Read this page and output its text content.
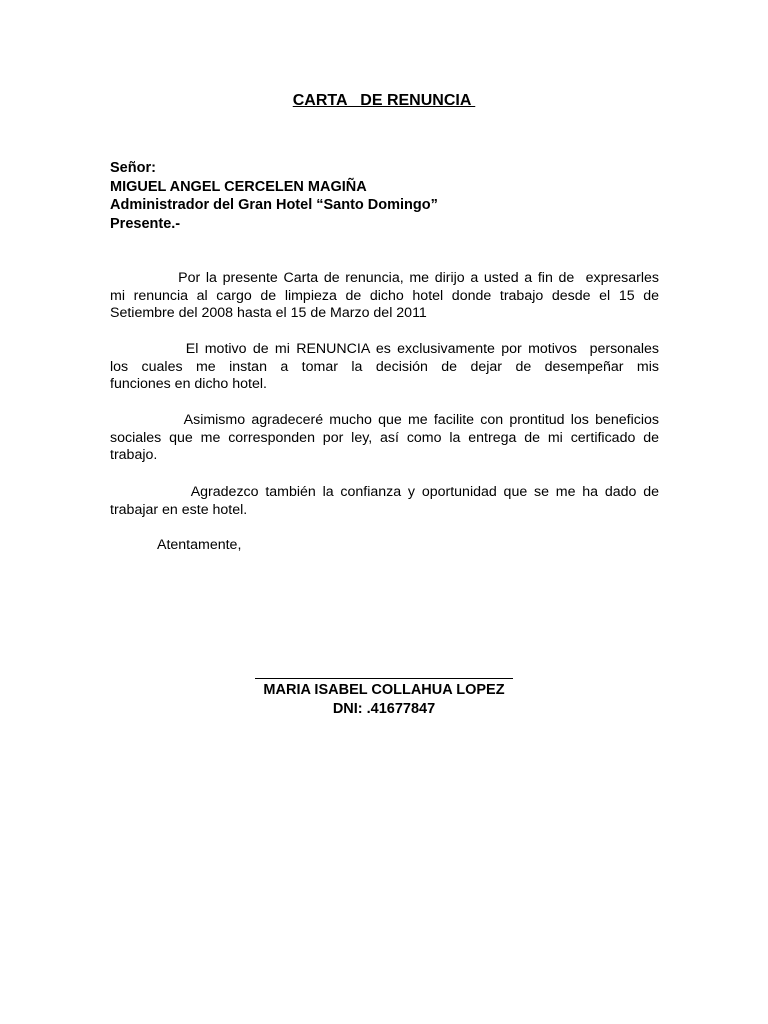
CARTA   DE RENUNCIA
Señor:
MIGUEL ANGEL CERCELEN MAGIÑA
Administrador del Gran Hotel “Santo Domingo”
Presente.-

Por la presente Carta de renuncia, me dirijo a usted a fin de  expresarles
mi renuncia al cargo de limpieza de dicho hotel donde trabajo desde el 15 de
Setiembre del 2008 hasta el 15 de Marzo del 2011

El motivo de mi RENUNCIA es exclusivamente por motivos  personales
los cuales me instan a tomar la decisión de dejar de desempeñar mis
funciones en dicho hotel.

Asimismo agradeceré mucho que me facilite con prontitud los beneficios
sociales que me corresponden por ley, así como la entrega de mi certificado de
trabajo.

Agradezco también la confianza y oportunidad que se me ha dado de
trabajar en este hotel.

Atentamente,

MARIA ISABEL COLLAHUA LOPEZ
DNI: .41677847
